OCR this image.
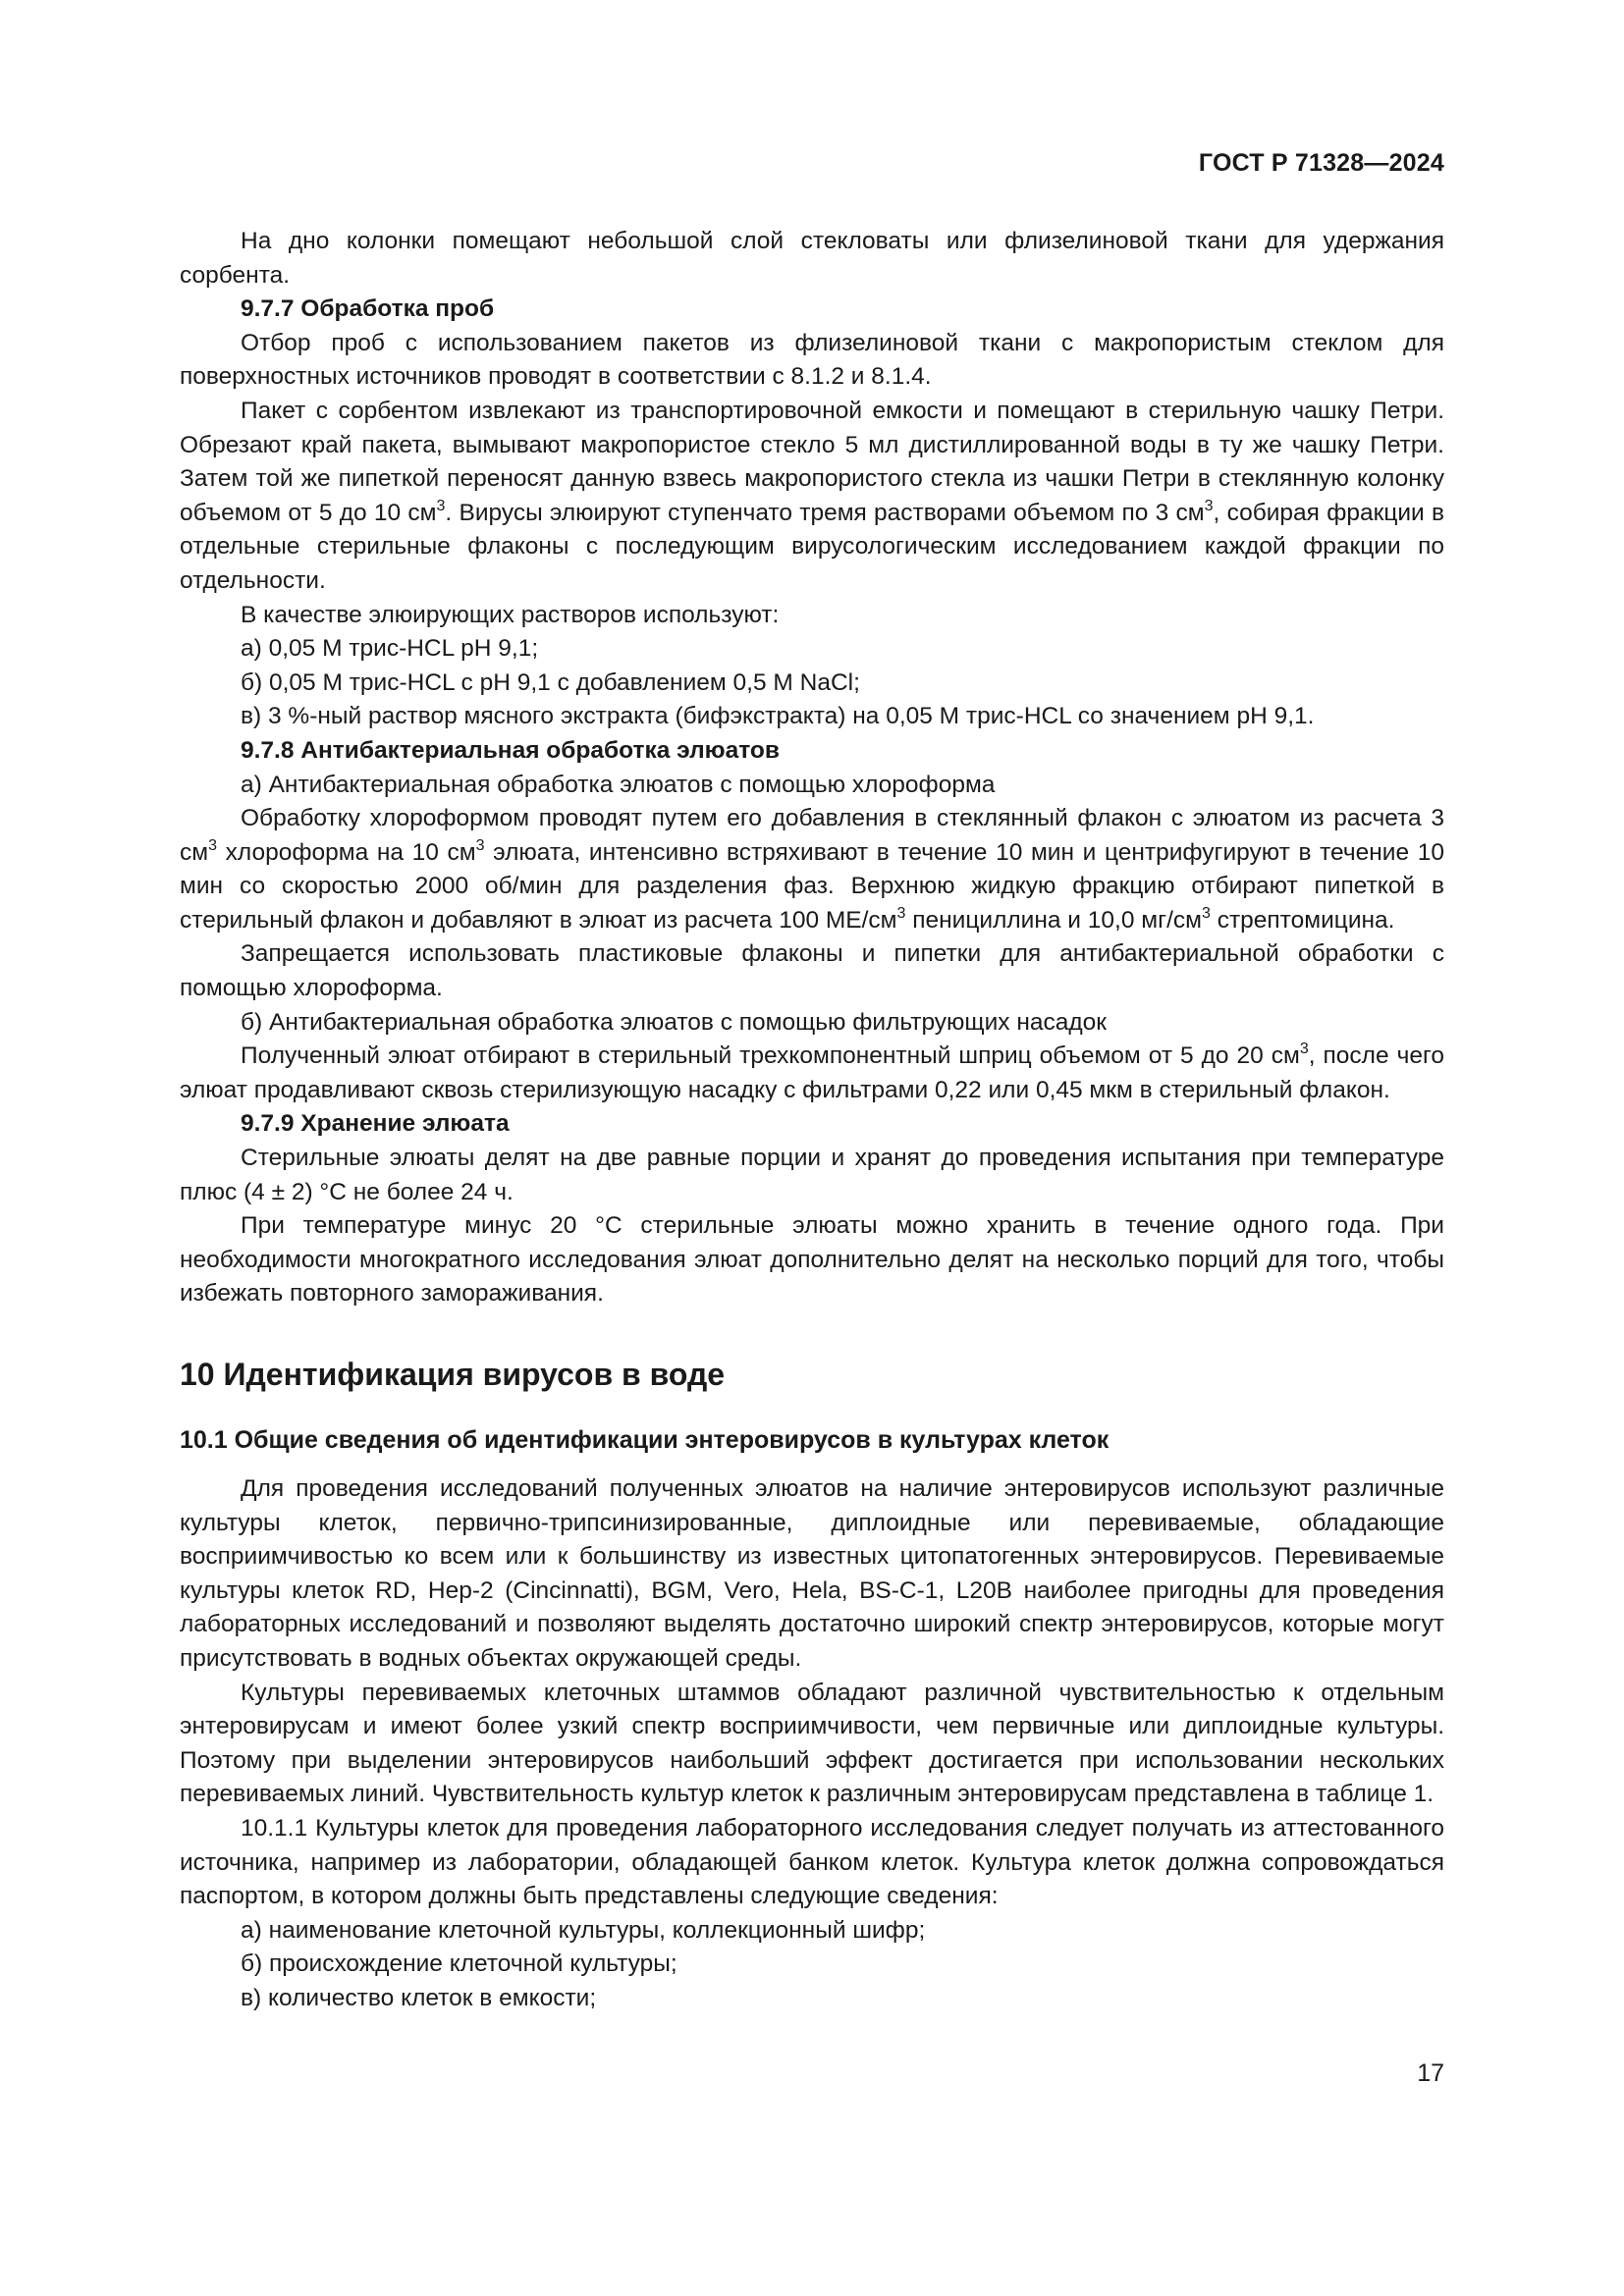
ГОСТ Р 71328—2024

На дно колонки помещают небольшой слой стекловаты или флизелиновой ткани для удержания сорбента.

9.7.7 Обработка проб

Отбор проб с использованием пакетов из флизелиновой ткани с макропористым стеклом для поверхностных источников проводят в соответствии с 8.1.2 и 8.1.4.

Пакет с сорбентом извлекают из транспортировочной емкости и помещают в стерильную чашку Петри. Обрезают край пакета, вымывают макропористое стекло 5 мл дистиллированной воды в ту же чашку Петри. Затем той же пипеткой переносят данную взвесь макропористого стекла из чашки Петри в стеклянную колонку объемом от 5 до 10 $см^3$. Вирусы элюируют ступенчато тремя растворами объемом по 3 $см^3$, собирая фракции в отдельные стерильные флаконы с последующим вирусологическим исследованием каждой фракции по отдельности.

В качестве элюирующих растворов используют:

а) 0,05 М трис-HCL pH 9,1;

б) 0,05 М трис-HCL с pH 9,1 с добавлением 0,5 M NaCl;

в) 3 %-ный раствор мясного экстракта (бифэкстракта) на 0,05 М трис-HCL со значением pH 9,1.

9.7.8 Антибактериальная обработка элюатов

а) Антибактериальная обработка элюатов с помощью хлороформа

Обработку хлороформом проводят путем его добавления в стеклянный флакон с элюатом из расчета 3 $см^3$ хлороформа на 10 $см^3$ элюата, интенсивно встряхивают в течение 10 мин и центрифугируют в течение 10 мин со скоростью 2000 об/мин для разделения фаз. Верхнюю жидкую фракцию отбирают пипеткой в стерильный флакон и добавляют в элюат из расчета 100 $МЕ/см^3$ пенициллина и 10,0 $мг/см^3$ стрептомицина.

Запрещается использовать пластиковые флаконы и пипетки для антибактериальной обработки с помощью хлороформа.

б) Антибактериальная обработка элюатов с помощью фильтрующих насадок

Полученный элюат отбирают в стерильный трехкомпонентный шприц объемом от 5 до 20 $см^3$, после чего элюат продавливают сквозь стерилизующую насадку с фильтрами 0,22 или 0,45 мкм в стерильный флакон.

9.7.9 Хранение элюата

Стерильные элюаты делят на две равные порции и хранят до проведения испытания при температуре плюс (4 ± 2) °С не более 24 ч.

При температуре минус 20 °С стерильные элюаты можно хранить в течение одного года. При необходимости многократного исследования элюат дополнительно делят на несколько порций для того, чтобы избежать повторного замораживания.

10 Идентификация вирусов в воде
10.1 Общие сведения об идентификации энтеровирусов в культурах клеток

Для проведения исследований полученных элюатов на наличие энтеровирусов используют различные культуры клеток, первично-трипсинизированные, диплоидные или перевиваемые, обладающие восприимчивостью ко всем или к большинству из известных цитопатогенных энтеровирусов. Перевиваемые культуры клеток RD, Hep-2 (Cincinnatti), BGM, Vero, Hela, BS-C-1, L20B наиболее пригодны для проведения лабораторных исследований и позволяют выделять достаточно широкий спектр энтеровирусов, которые могут присутствовать в водных объектах окружающей среды.

Культуры перевиваемых клеточных штаммов обладают различной чувствительностью к отдельным энтеровирусам и имеют более узкий спектр восприимчивости, чем первичные или диплоидные культуры. Поэтому при выделении энтеровирусов наибольший эффект достигается при использовании нескольких перевиваемых линий. Чувствительность культур клеток к различным энтеровирусам представлена в таблице 1.

10.1.1 Культуры клеток для проведения лабораторного исследования следует получать из аттестованного источника, например из лаборатории, обладающей банком клеток. Культура клеток должна сопровождаться паспортом, в котором должны быть представлены следующие сведения:

а) наименование клеточной культуры, коллекционный шифр;

б) происхождение клеточной культуры;

в) количество клеток в емкости;

17
